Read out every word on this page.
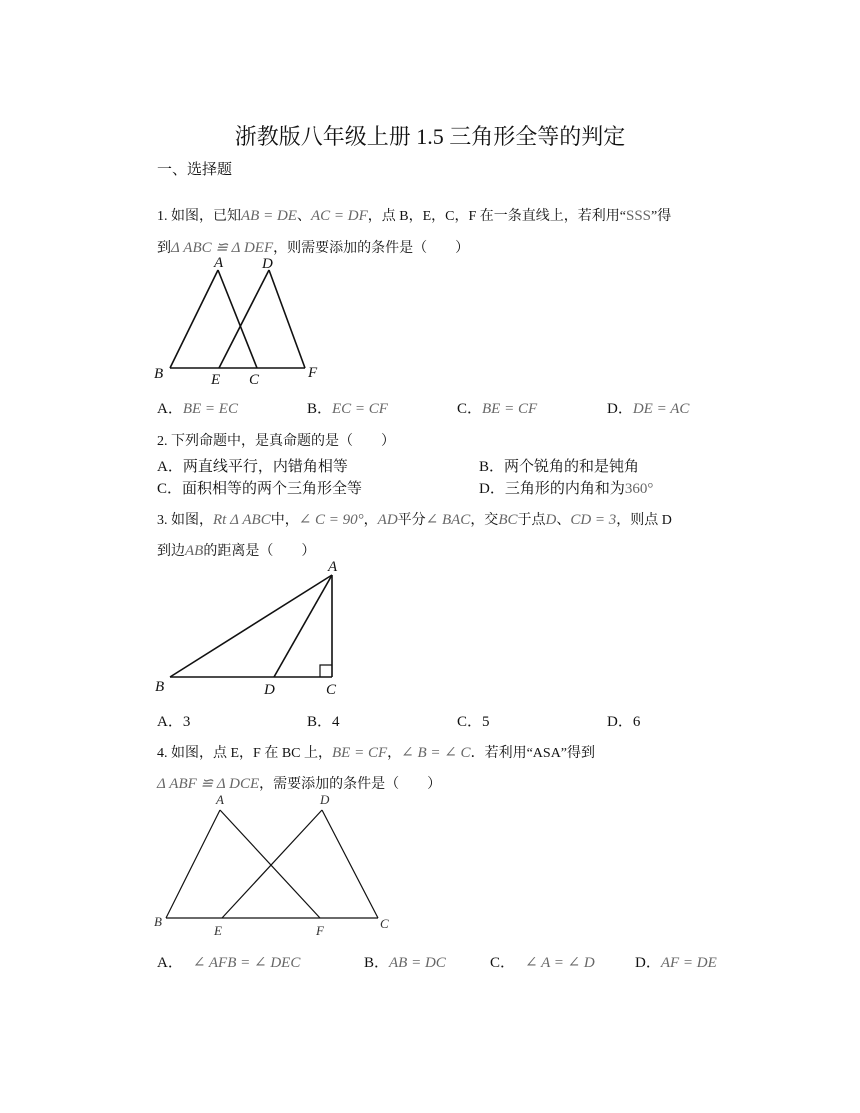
浙教版八年级上册 1.5 三角形全等的判定
一、选择题
1. 如图，已知AB = DE、AC = DF，点 B，E，C，F 在一条直线上，若利用“SSS”得
到Δ ABC ≌ Δ DEF，则需要添加的条件是（　　）
A	D
B	E C	F
A．BE = EC	B．EC = CF	C．BE = CF	D．DE = AC
2. 下列命题中，是真命题的是（　　）
A．两直线平行，内错角相等	B．两个锐角的和是钝角
C．面积相等的两个三角形全等	D．三角形的内角和为360°
3. 如图，Rt Δ ABC中，∠ C = 90°，AD平分∠ BAC，交BC于点D、CD = 3，则点 D
到边AB的距离是（　　）
A
B	D	C
A．3	B．4	C．5	D．6
4. 如图，点 E，F 在 BC 上，BE = CF，∠ B = ∠ C．若利用“ASA”得到
Δ ABF ≌ Δ DCE，需要添加的条件是（　　）
A	D
B
E	F	C
A． ∠ AFB = ∠ DEC	B．AB = DC	C． ∠ A = ∠ D	D．AF = DE
